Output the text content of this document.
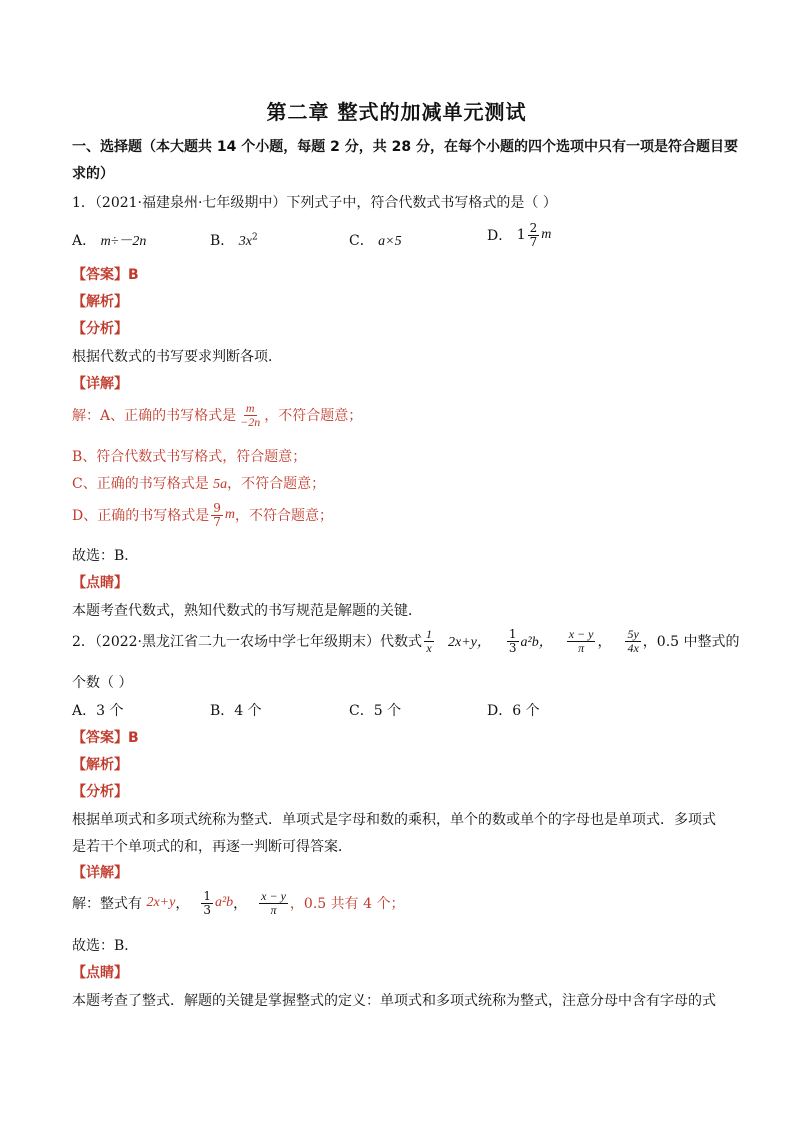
第二章 整式的加减单元测试
一、选择题（本大题共 14 个小题，每题 2 分，共 28 分，在每个小题的四个选项中只有一项是符合题目要
求的）
1．（2021·福建泉州·七年级期中）下列式子中，符合代数式书写格式的是（ ）
A． m÷－2n	B． $3x^2$	C． a×5	D． $1 \frac{2}{7}$ m
【答案】B
【解析】
【分析】
根据代数式的书写要求判断各项．
【详解】
解：A、正确的书写格式是 $\frac{m}{-2n}$ ，不符合题意；
B、符合代数式书写格式，符合题意；
C、正确的书写格式是 5a，不符合题意；
D、正确的书写格式是 $\frac{9}{7}$ m，不符合题意；
故选：B．
【点睛】
本题考查代数式，熟知代数式的书写规范是解题的关键．
2．（2022·黑龙江省二九一农场中学七年级期末）代数式 $\frac{1}{x} 2x+y$， $\frac{1}{3} a^2b$， $\frac{x - y}{\pi}$ ， $\frac{5y}{4x}$ ，0.5 中整式的
个数（ ）
A．3 个	B．4 个	C．5 个	D．6 个
【答案】B
【解析】
【分析】
根据单项式和多项式统称为整式．单项式是字母和数的乘积，单个的数或单个的字母也是单项式．多项式
是若干个单项式的和，再逐一判断可得答案．
【详解】
解：整式有 2x+y， $\frac{1}{3} a^2b$， $\frac{x - y}{\pi}$ ，0.5 共有 4 个；
故选：B．
【点睛】
本题考查了整式．解题的关键是掌握整式的定义：单项式和多项式统称为整式，注意分母中含有字母的式
